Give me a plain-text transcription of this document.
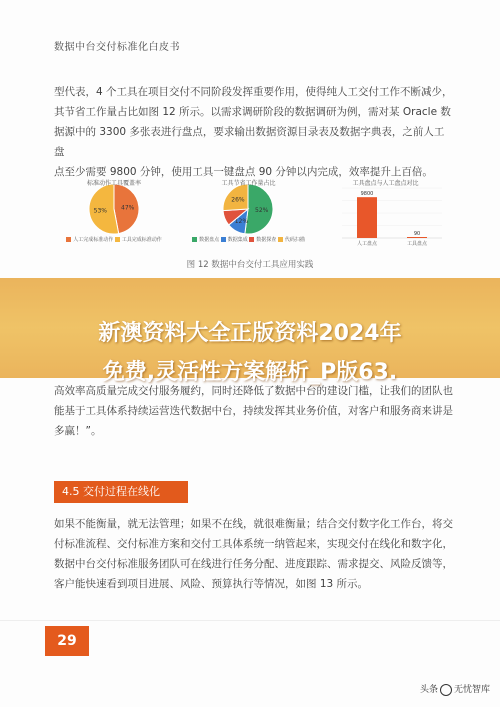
数据中台交付标准化白皮书

型代表，4 个工具在项目交付不同阶段发挥重要作用，使得纯人工交付工作不断减少，

其节省工作量占比如图 12 所示。以需求调研阶段的数据调研为例，需对某 Oracle 数

据源中的 3300 多张表进行盘点，要求输出数据资源目录表及数据字典表，之前人工盘

点至少需要 9800 分钟，使用工具一键盘点 90 分钟以内完成，效率提升上百倍。

标准动作工具覆盖率
47%
53%
人工完成标准动作 工具完成标准动作
工具节省工作量占比
52%
12%
26%
数据盘点 数据集成 数据探查 代码扫描
工具盘点与人工盘点对比
9800
人工盘点
90
工具盘点
图 12 数据中台交付工具应用实践

高效率高质量完成交付服务履约，同时还降低了数据中台的建设门槛，让我们的团队也

能基于工具体系持续运营迭代数据中台，持续发挥其业务价值，对客户和服务商来讲是

多赢！”。

新澳资料大全正版资料2024年
免费,灵活性方案解析_P版63.
4.5 交付过程在线化

如果不能衡量，就无法管理；如果不在线，就很难衡量；结合交付数字化工作台，将交

付标准流程、交付标准方案和交付工具体系统一纳管起来，实现交付在线化和数字化，

数据中台交付标准服务团队可在线进行任务分配、进度跟踪、需求提交、风险反馈等，

客户能快速看到项目进展、风险、预算执行等情况，如图 13 所示。

29
头条 无忧智库
